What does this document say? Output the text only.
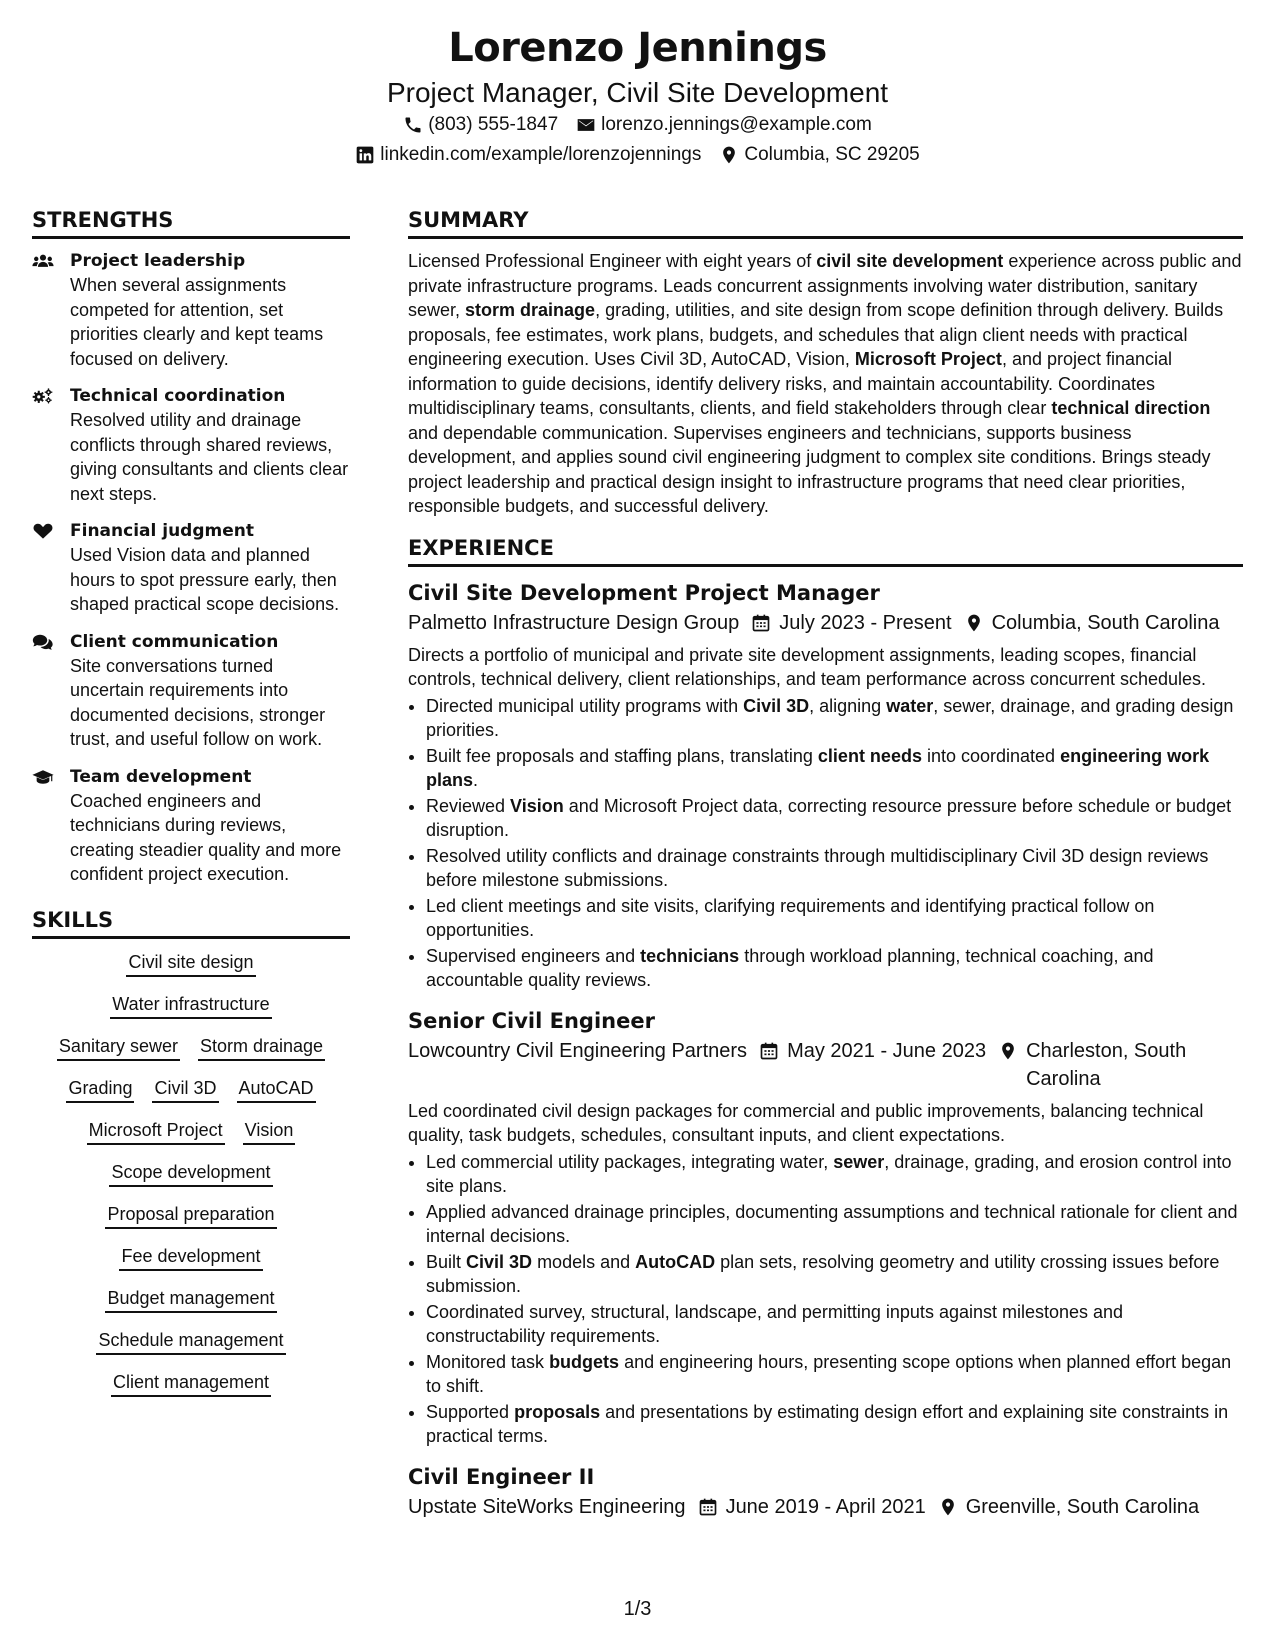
Lorenzo Jennings
Project Manager, Civil Site Development
(803) 555-1847 lorenzo.jennings@example.com
linkedin.com/example/lorenzojennings Columbia, SC 29205
STRENGTHS
Project leadership
When several assignments competed for attention, set priorities clearly and kept teams focused on delivery.
Technical coordination
Resolved utility and drainage conflicts through shared reviews, giving consultants and clients clear next steps.
Financial judgment
Used Vision data and planned hours to spot pressure early, then shaped practical scope decisions.
Client communication
Site conversations turned uncertain requirements into documented decisions, stronger trust, and useful follow on work.
Team development
Coached engineers and technicians during reviews, creating steadier quality and more confident project execution.
SKILLS
Civil site design
Water infrastructure
Sanitary sewer Storm drainage
Grading Civil 3D AutoCAD
Microsoft Project Vision
Scope development
Proposal preparation
Fee development
Budget management
Schedule management
Client management
SUMMARY
Licensed Professional Engineer with eight years of civil site development experience across public and private infrastructure programs. Leads concurrent assignments involving water distribution, sanitary sewer, storm drainage, grading, utilities, and site design from scope definition through delivery. Builds proposals, fee estimates, work plans, budgets, and schedules that align client needs with practical engineering execution. Uses Civil 3D, AutoCAD, Vision, Microsoft Project, and project financial information to guide decisions, identify delivery risks, and maintain accountability. Coordinates multidisciplinary teams, consultants, clients, and field stakeholders through clear technical direction and dependable communication. Supervises engineers and technicians, supports business development, and applies sound civil engineering judgment to complex site conditions. Brings steady project leadership and practical design insight to infrastructure programs that need clear priorities, responsible budgets, and successful delivery.
EXPERIENCE
Civil Site Development Project Manager
Palmetto Infrastructure Design Group July 2023 - Present Columbia, South Carolina
Directs a portfolio of municipal and private site development assignments, leading scopes, financial controls, technical delivery, client relationships, and team performance across concurrent schedules.
• Directed municipal utility programs with Civil 3D, aligning water, sewer, drainage, and grading design priorities.
• Built fee proposals and staffing plans, translating client needs into coordinated engineering work plans.
• Reviewed Vision and Microsoft Project data, correcting resource pressure before schedule or budget disruption.
• Resolved utility conflicts and drainage constraints through multidisciplinary Civil 3D design reviews before milestone submissions.
• Led client meetings and site visits, clarifying requirements and identifying practical follow on opportunities.
• Supervised engineers and technicians through workload planning, technical coaching, and accountable quality reviews.
Senior Civil Engineer
Lowcountry Civil Engineering Partners May 2021 - June 2023 Charleston, South Carolina
Led coordinated civil design packages for commercial and public improvements, balancing technical quality, task budgets, schedules, consultant inputs, and client expectations.
• Led commercial utility packages, integrating water, sewer, drainage, grading, and erosion control into site plans.
• Applied advanced drainage principles, documenting assumptions and technical rationale for client and internal decisions.
• Built Civil 3D models and AutoCAD plan sets, resolving geometry and utility crossing issues before submission.
• Coordinated survey, structural, landscape, and permitting inputs against milestones and constructability requirements.
• Monitored task budgets and engineering hours, presenting scope options when planned effort began to shift.
• Supported proposals and presentations by estimating design effort and explaining site constraints in practical terms.
Civil Engineer II
Upstate SiteWorks Engineering June 2019 - April 2021 Greenville, South Carolina
1/3
